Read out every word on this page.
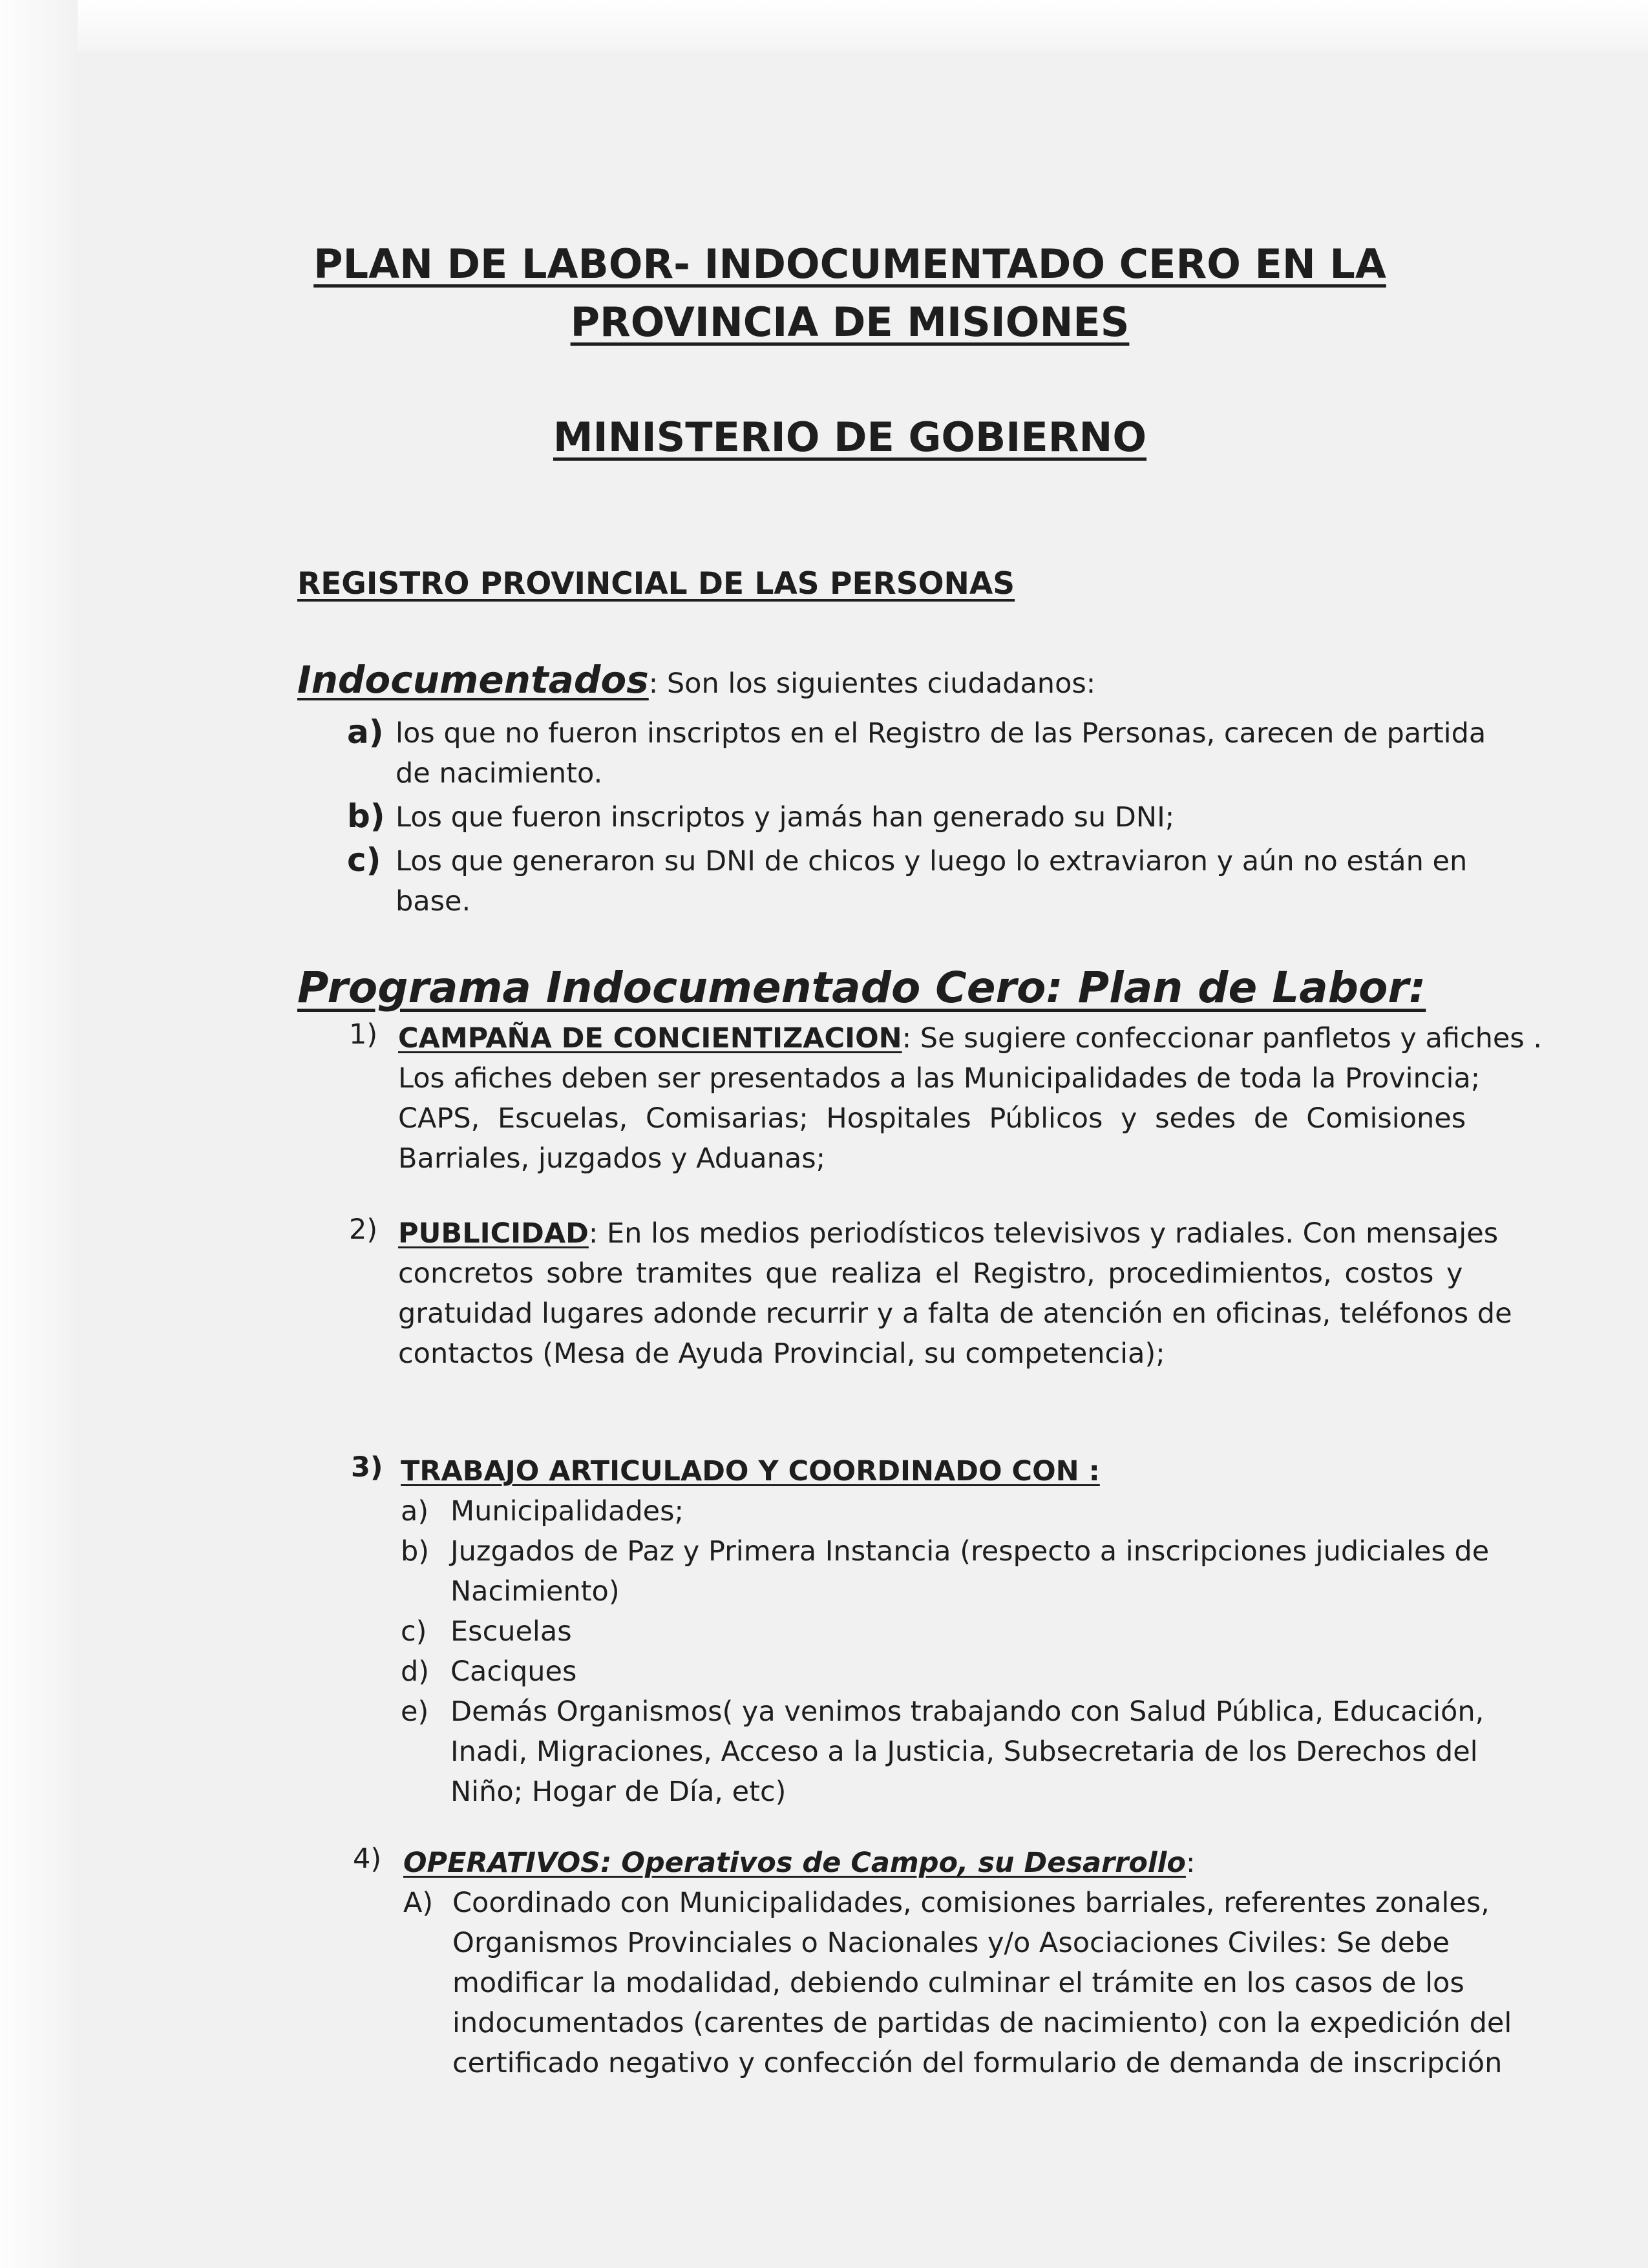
PLAN DE LABOR- INDOCUMENTADO CERO EN LA

PROVINCIA DE MISIONES

MINISTERIO DE GOBIERNO

REGISTRO PROVINCIAL DE LAS PERSONAS

Indocumentados: Son los siguientes ciudadanos:

a) los que no fueron inscriptos en el Registro de las Personas, carecen de partida

de nacimiento.

b) Los que fueron inscriptos y jamás han generado su DNI;

c) Los que generaron su DNI de chicos y luego lo extraviaron y aún no están en

base.

Programa Indocumentado Cero: Plan de Labor:

1) CAMPAÑA DE CONCIENTIZACION: Se sugiere confeccionar panfletos y afiches .

Los afiches deben ser presentados a las Municipalidades de toda la Provincia;

CAPS, Escuelas, Comisarias; Hospitales Públicos y sedes de Comisiones

Barriales, juzgados y Aduanas;

2) PUBLICIDAD: En los medios periodísticos televisivos y radiales. Con mensajes

concretos sobre tramites que realiza el Registro, procedimientos, costos y

gratuidad lugares adonde recurrir y a falta de atención en oficinas, teléfonos de

contactos (Mesa de Ayuda Provincial, su competencia);

3) TRABAJO ARTICULADO Y COORDINADO CON :

a) Municipalidades;

b) Juzgados de Paz y Primera Instancia (respecto a inscripciones judiciales de

Nacimiento)

c) Escuelas

d) Caciques

e) Demás Organismos( ya venimos trabajando con Salud Pública, Educación,

Inadi, Migraciones, Acceso a la Justicia, Subsecretaria de los Derechos del

Niño; Hogar de Día, etc)

4) OPERATIVOS: Operativos de Campo, su Desarrollo:

A) Coordinado con Municipalidades, comisiones barriales, referentes zonales,

Organismos Provinciales o Nacionales y/o Asociaciones Civiles: Se debe

modificar la modalidad, debiendo culminar el trámite en los casos de los

indocumentados (carentes de partidas de nacimiento) con la expedición del

certificado negativo y confección del formulario de demanda de inscripción
